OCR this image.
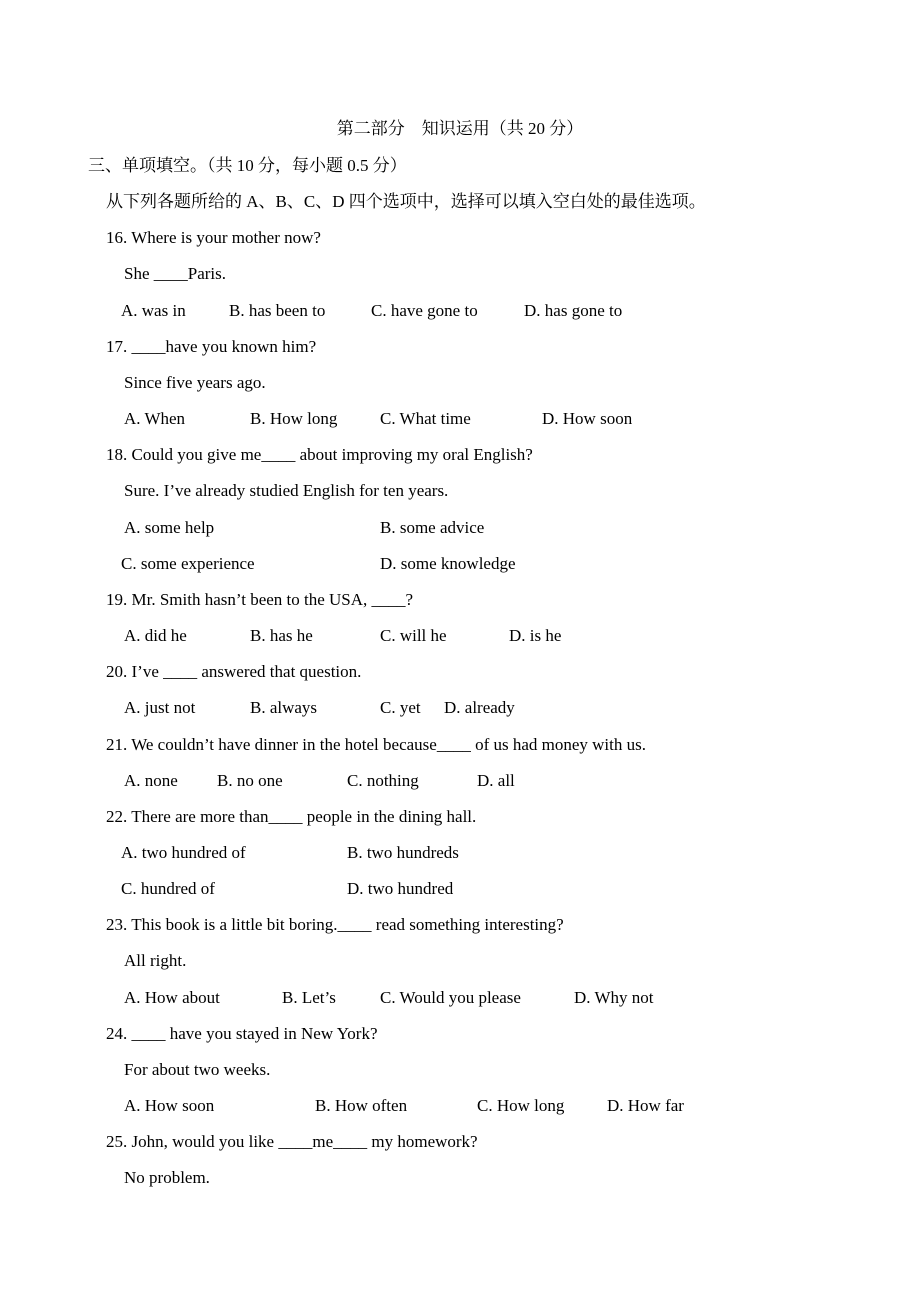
第二部分　知识运用（共 20 分）
三、单项填空。（共 10 分，每小题 0.5 分）
从下列各题所给的 A、B、C、D 四个选项中，选择可以填入空白处的最佳选项。
16. Where is your mother now?
She ____Paris.
A. was in	B. has been to	C. have gone to	D. has gone to
17. ____have you known him?
Since five years ago.
A. When	B. How long	C. What time	D. How soon
18. Could you give me____ about improving my oral English?
Sure. I’ve already studied English for ten years.
A. some help	B. some advice
C. some experience	D. some knowledge
19. Mr. Smith hasn’t been to the USA, ____?
A. did he	B. has he	C. will he	D. is he
20. I’ve ____ answered that question.
A. just not	B. always	C. yet D. already
21. We couldn’t have dinner in the hotel because____ of us had money with us.
A. none B. no one	C. nothing	D. all
22. There are more than____ people in the dining hall.
A. two hundred of	B. two hundreds
C. hundred of	D. two hundred
23. This book is a little bit boring.____ read something interesting?
All right.
A. How about	B. Let’s	C. Would you please	D. Why not
24. ____ have you stayed in New York?
For about two weeks.
A. How soon	B. How often	C. How long	D. How far
25. John, would you like ____me____ my homework?
No problem.
